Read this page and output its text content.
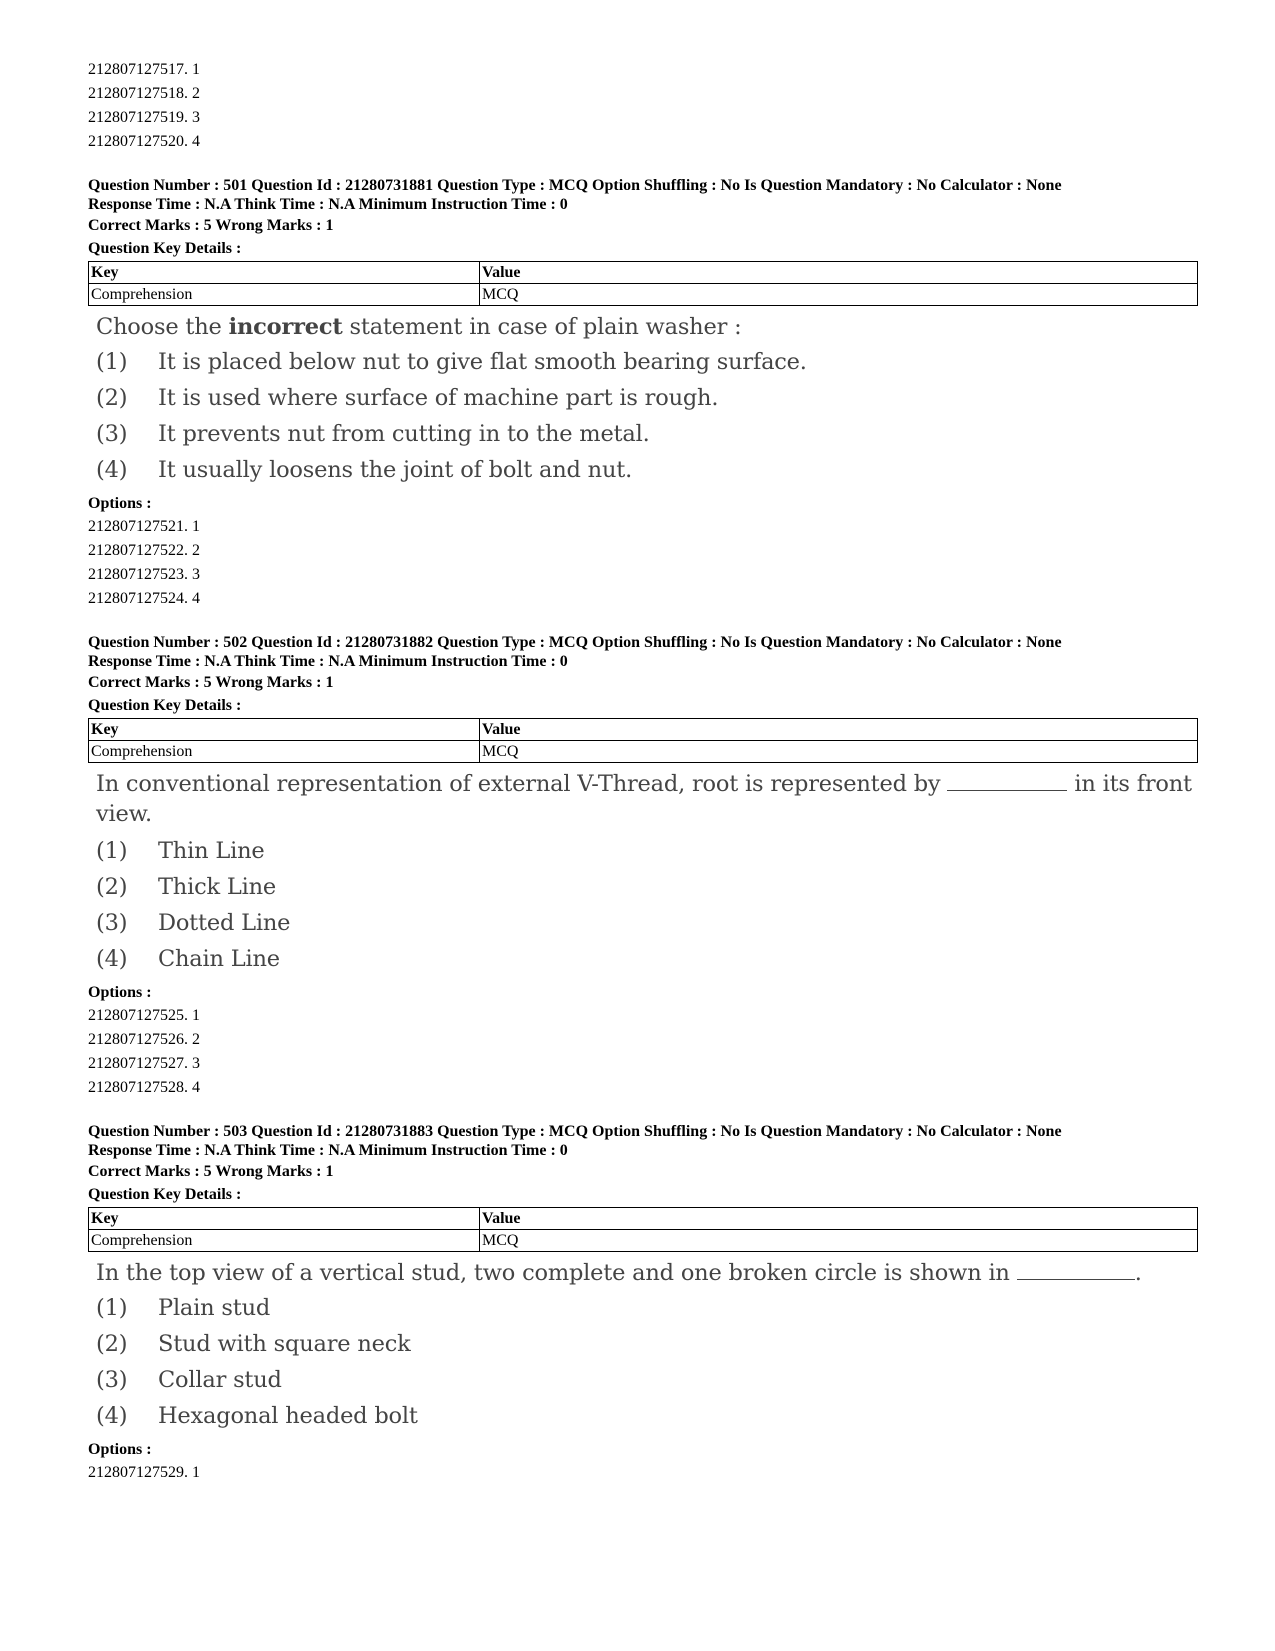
212807127517. 1
212807127518. 2
212807127519. 3
212807127520. 4
Question Number : 501 Question Id : 21280731881 Question Type : MCQ Option Shuffling : No Is Question Mandatory : No Calculator : None
Response Time : N.A Think Time : N.A Minimum Instruction Time : 0
Correct Marks : 5 Wrong Marks : 1
Question Key Details :
Key	Value
Comprehension	MCQ
Choose the incorrect statement in case of plain washer :
(1) It is placed below nut to give flat smooth bearing surface.
(2) It is used where surface of machine part is rough.
(3) It prevents nut from cutting in to the metal.
(4) It usually loosens the joint of bolt and nut.
Options :
212807127521. 1
212807127522. 2
212807127523. 3
212807127524. 4
Question Number : 502 Question Id : 21280731882 Question Type : MCQ Option Shuffling : No Is Question Mandatory : No Calculator : None
Response Time : N.A Think Time : N.A Minimum Instruction Time : 0
Correct Marks : 5 Wrong Marks : 1
Question Key Details :
Key	Value
Comprehension	MCQ
In conventional representation of external V-Thread, root is represented by	in its front
view.
(1) Thin Line
(2) Thick Line
(3) Dotted Line
(4) Chain Line
Options :
212807127525. 1
212807127526. 2
212807127527. 3
212807127528. 4
Question Number : 503 Question Id : 21280731883 Question Type : MCQ Option Shuffling : No Is Question Mandatory : No Calculator : None
Response Time : N.A Think Time : N.A Minimum Instruction Time : 0
Correct Marks : 5 Wrong Marks : 1
Question Key Details :
Key	Value
Comprehension	MCQ
In the top view of a vertical stud, two complete and one broken circle is shown in	.
(1) Plain stud
(2) Stud with square neck
(3) Collar stud
(4) Hexagonal headed bolt
Options :
212807127529. 1
